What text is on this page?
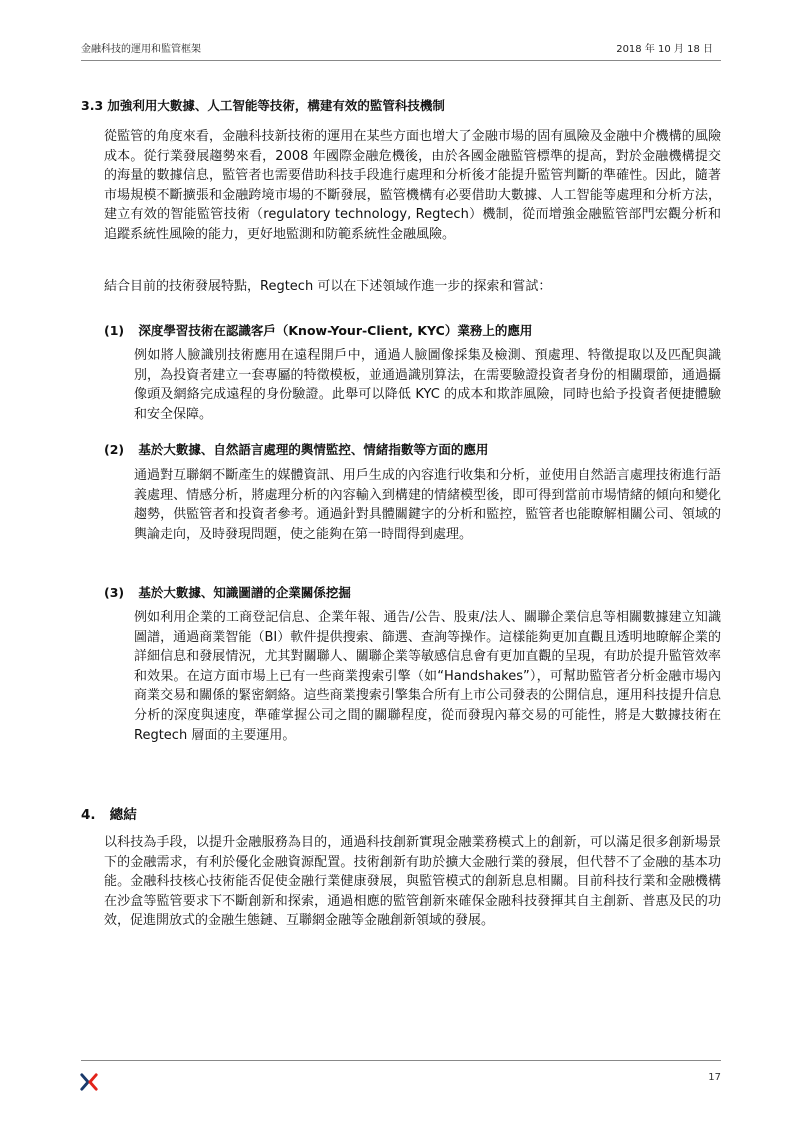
金融科技的運用和監管框架	2018 年 10 月 18 日
3.3 加強利用大數據、人工智能等技術，構建有效的監管科技機制
從監管的角度來看，金融科技新技術的運用在某些方面也增大了金融市場的固有風險及金融中介機構的風險成本。從行業發展趨勢來看，2008 年國際金融危機後，由於各國金融監管標準的提高，對於金融機構提交的海量的數據信息，監管者也需要借助科技手段進行處理和分析後才能提升監管判斷的準確性。因此，隨著市場規模不斷擴張和金融跨境市場的不斷發展，監管機構有必要借助大數據、人工智能等處理和分析方法，建立有效的智能監管技術（regulatory technology, Regtech）機制，從而增強金融監管部門宏觀分析和追蹤系統性風險的能力，更好地監測和防範系統性金融風險。
結合目前的技術發展特點，Regtech 可以在下述領域作進一步的探索和嘗試：
(1) 深度學習技術在認識客戶（Know-Your-Client, KYC）業務上的應用
例如將人臉識別技術應用在遠程開戶中，通過人臉圖像採集及檢測、預處理、特徵提取以及匹配與識別，為投資者建立一套專屬的特徵模板，並通過識別算法，在需要驗證投資者身份的相關環節，通過攝像頭及網絡完成遠程的身份驗證。此舉可以降低 KYC 的成本和欺詐風險，同時也給予投資者便捷體驗和安全保障。
(2) 基於大數據、自然語言處理的輿情監控、情緒指數等方面的應用
通過對互聯網不斷產生的媒體資訊、用戶生成的內容進行收集和分析，並使用自然語言處理技術進行語義處理、情感分析，將處理分析的內容輸入到構建的情緒模型後，即可得到當前市場情緒的傾向和變化趨勢，供監管者和投資者參考。通過針對具體關鍵字的分析和監控，監管者也能瞭解相關公司、領域的輿論走向，及時發現問題，使之能夠在第一時間得到處理。
(3) 基於大數據、知識圖譜的企業關係挖掘
例如利用企業的工商登記信息、企業年報、通告/公告、股東/法人、關聯企業信息等相關數據建立知識圖譜，通過商業智能（BI）軟件提供搜索、篩選、查詢等操作。這樣能夠更加直觀且透明地瞭解企業的詳細信息和發展情況，尤其對關聯人、關聯企業等敏感信息會有更加直觀的呈現，有助於提升監管效率和效果。在這方面市場上已有一些商業搜索引擎（如“Handshakes”），可幫助監管者分析金融市場內商業交易和關係的緊密網絡。這些商業搜索引擎集合所有上市公司發表的公開信息，運用科技提升信息分析的深度與速度，準確掌握公司之間的關聯程度，從而發現內幕交易的可能性，將是大數據技術在 Regtech 層面的主要運用。
4. 總結
以科技為手段，以提升金融服務為目的，通過科技創新實現金融業務模式上的創新，可以滿足很多創新場景下的金融需求，有利於優化金融資源配置。技術創新有助於擴大金融行業的發展，但代替不了金融的基本功能。金融科技核心技術能否促使金融行業健康發展，與監管模式的創新息息相關。目前科技行業和金融機構在沙盒等監管要求下不斷創新和探索，通過相應的監管創新來確保金融科技發揮其自主創新、普惠及民的功效，促進開放式的金融生態鏈、互聯網金融等金融創新領域的發展。
17
